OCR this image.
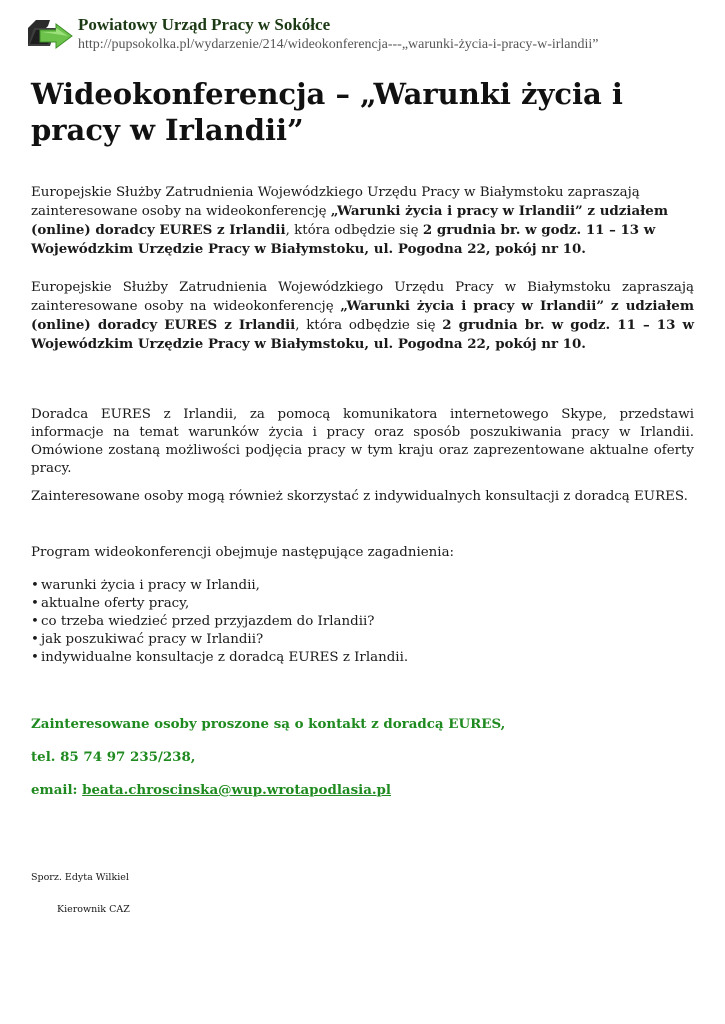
Powiatowy Urząd Pracy w Sokółce
http://pupsokolka.pl/wydarzenie/214/wideokonferencja---„warunki-życia-i-pracy-w-irlandii”
Wideokonferencja – „Warunki życia i pracy w Irlandii”

Europejskie Służby Zatrudnienia Wojewódzkiego Urzędu Pracy w Białymstoku zapraszają zainteresowane osoby na wideokonferencję „Warunki życia i pracy w Irlandii” z udziałem (online) doradcy EURES z Irlandii, która odbędzie się 2 grudnia br. w godz. 11 – 13 w Wojewódzkim Urzędzie Pracy w Białymstoku, ul. Pogodna 22, pokój nr 10.

Europejskie Służby Zatrudnienia Wojewódzkiego Urzędu Pracy w Białymstoku zapraszają zainteresowane osoby na wideokonferencję „Warunki życia i pracy w Irlandii” z udziałem (online) doradcy EURES z Irlandii, która odbędzie się 2 grudnia br. w godz. 11 – 13 w Wojewódzkim Urzędzie Pracy w Białymstoku, ul. Pogodna 22, pokój nr 10.

Doradca EURES z Irlandii, za pomocą komunikatora internetowego Skype, przedstawi informacje na temat warunków życia i pracy oraz sposób poszukiwania pracy w Irlandii. Omówione zostaną możliwości podjęcia pracy w tym kraju oraz zaprezentowane aktualne oferty pracy.

Zainteresowane osoby mogą również skorzystać z indywidualnych konsultacji z doradcą EURES.

Program wideokonferencji obejmuje następujące zagadnienia:

• warunki życia i pracy w Irlandii,
• aktualne oferty pracy,
• co trzeba wiedzieć przed przyjazdem do Irlandii?
• jak poszukiwać pracy w Irlandii?
• indywidualne konsultacje z doradcą EURES z Irlandii.

Zainteresowane osoby proszone są o kontakt z doradcą EURES,

tel. 85 74 97 235/238,

email: beata.chroscinska@wup.wrotapodlasia.pl

Sporz. Edyta Wilkiel

Kierownik CAZ
